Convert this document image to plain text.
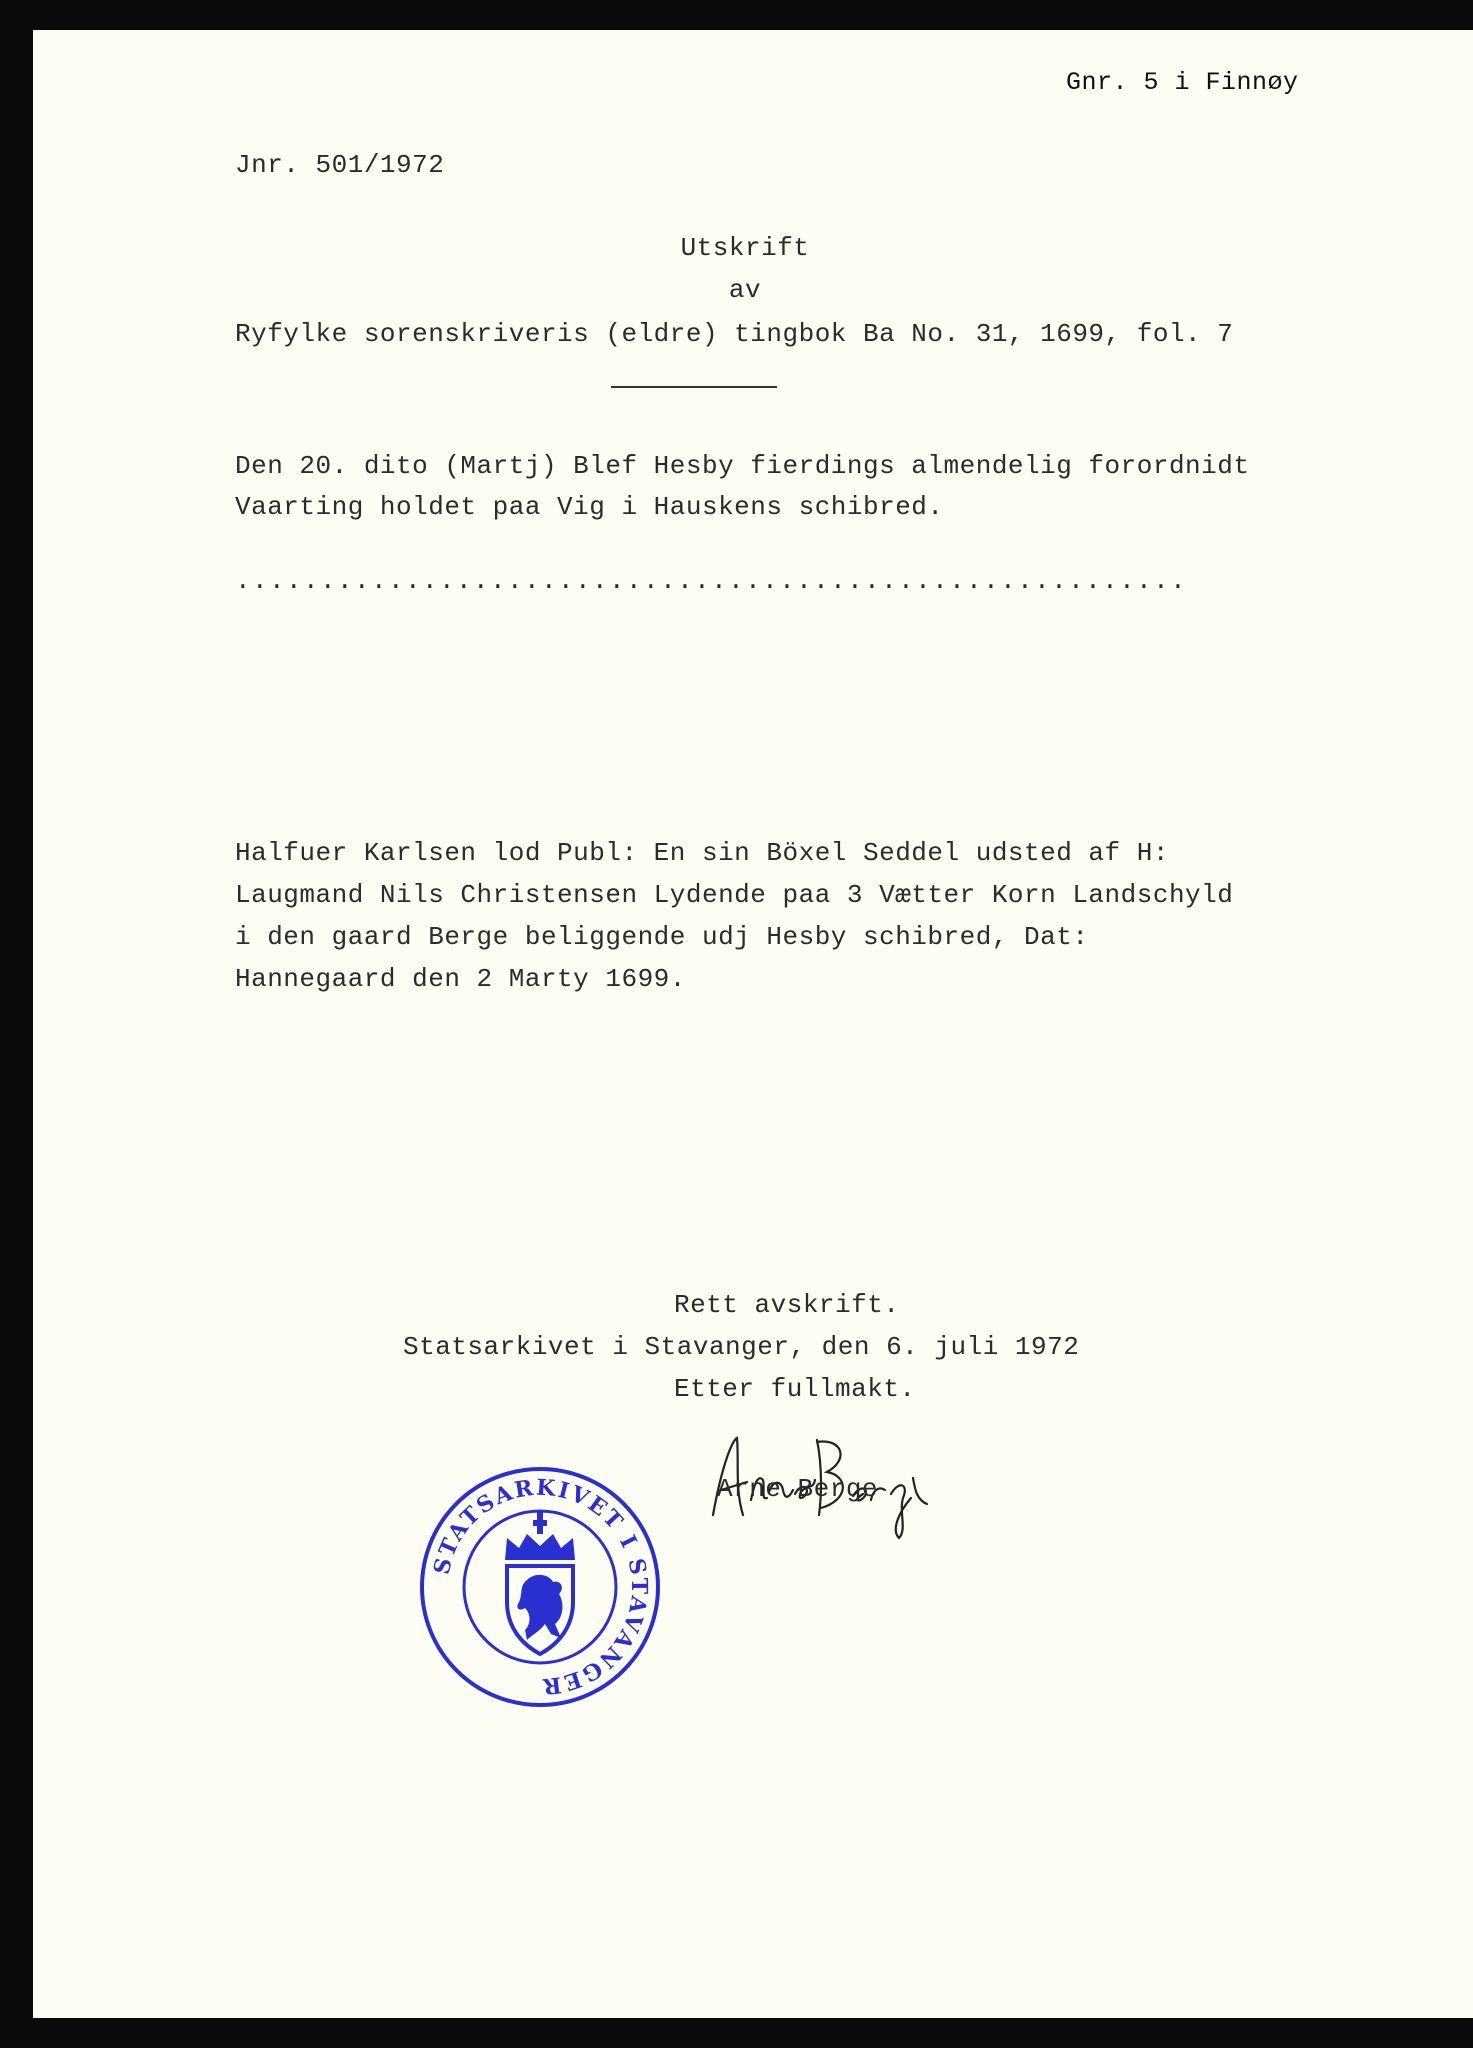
Gnr. 5 i Finnøy

Jnr. 501/1972

Utskrift

av

Ryfylke sorenskriveris (eldre) tingbok Ba No. 31, 1699, fol. 7

Den 20. dito (Martj) Blef Hesby fierdings almendelig forordnidt

Vaarting holdet paa Vig i Hauskens schibred.

........................................................

Halfuer Karlsen lod Publ: En sin Böxel Seddel udsted af H:

Laugmand Nils Christensen Lydende paa 3 Vætter Korn Landschyld

i den gaard Berge beliggende udj Hesby schibred, Dat:

Hannegaard den 2 Marty 1699.

Rett avskrift.

Statsarkivet i Stavanger, den 6. juli 1972

Etter fullmakt.

Arne Berge

STATSARKIVET I STAVANGER
